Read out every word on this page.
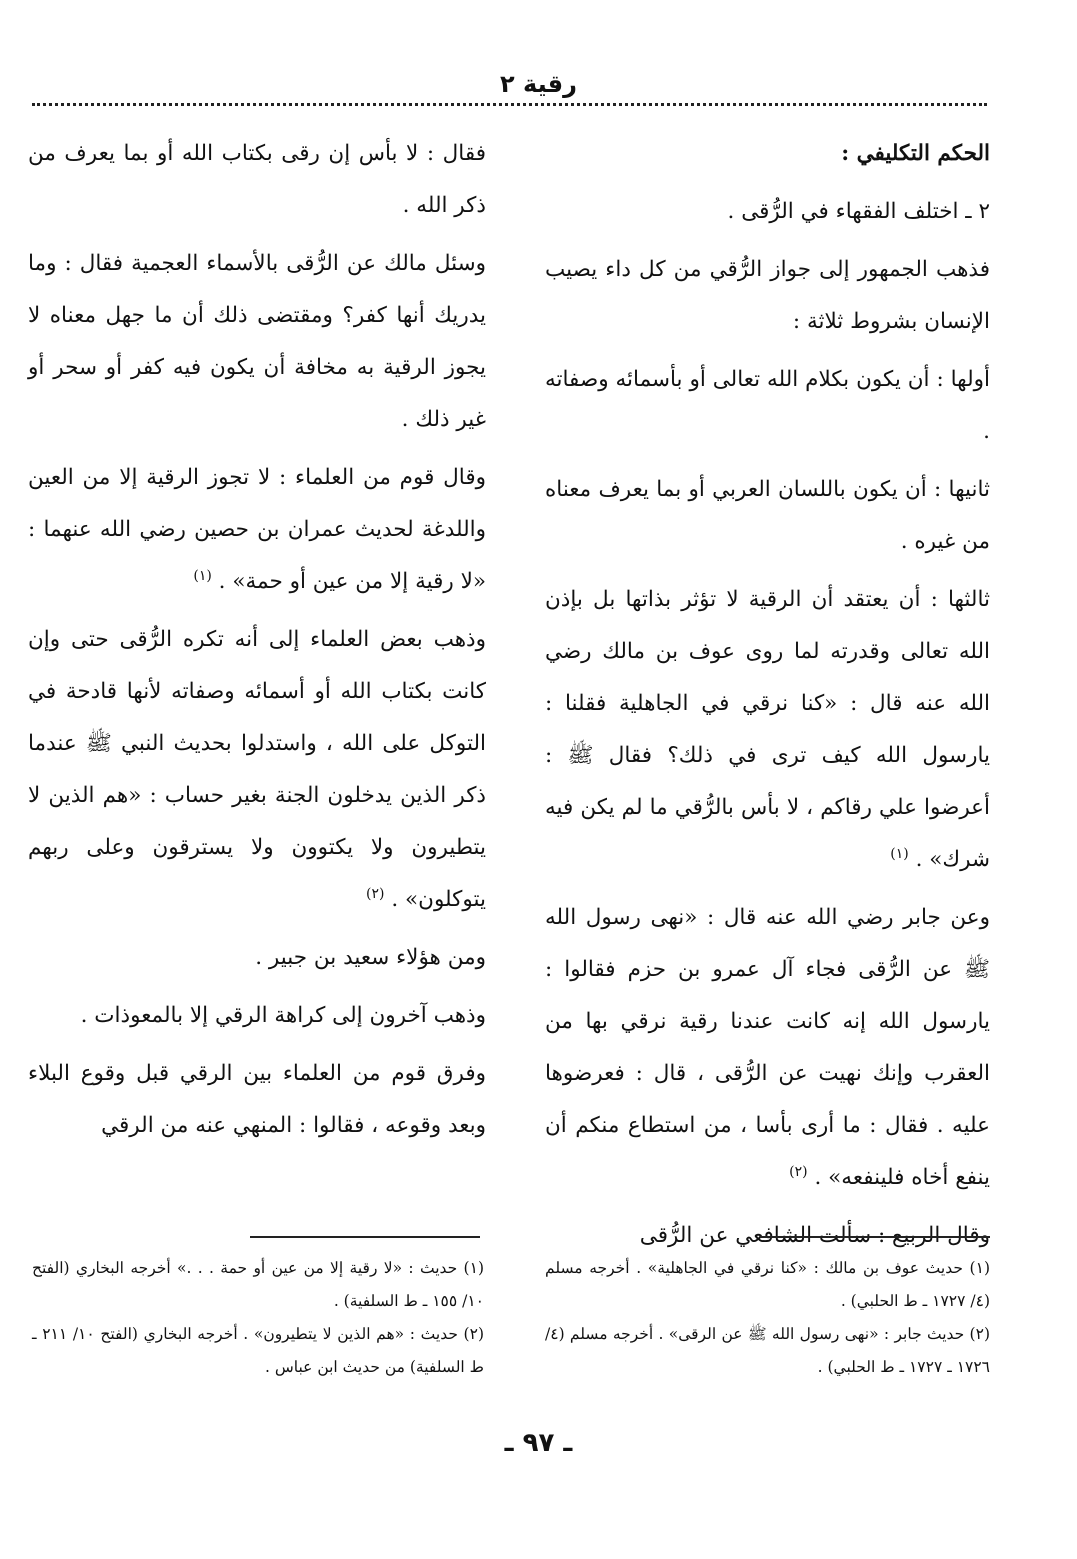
رقية ٢

الحكم التكليفي :

٢ ـ اختلف الفقهاء في الرُّقى .

فذهب الجمهور إلى جواز الرُّقي من كل داء يصيب الإنسان بشروط ثلاثة :

أولها : أن يكون بكلام الله تعالى أو بأسمائه وصفاته .

ثانيها : أن يكون باللسان العربي أو بما يعرف معناه من غيره .

ثالثها : أن يعتقد أن الرقية لا تؤثر بذاتها بل بإذن الله تعالى وقدرته لما روى عوف بن مالك رضي الله عنه قال : «كنا نرقي في الجاهلية فقلنا : يارسول الله كيف ترى في ذلك؟ فقال ﷺ : أعرضوا علي رقاكم ، لا بأس بالرُّقي ما لم يكن فيه شرك» . $^{(١)}$

وعن جابر رضي الله عنه قال : «نهى رسول الله ﷺ عن الرُّقى فجاء آل عمرو بن حزم فقالوا : يارسول الله إنه كانت عندنا رقية نرقي بها من العقرب وإنك نهيت عن الرُّقى ، قال : فعرضوها عليه . فقال : ما أرى بأسا ، من استطاع منكم أن ينفع أخاه فلينفعه» . $^{(٢)}$

وقال الربيع : سألت الشافعي عن الرُّقى

فقال : لا بأس إن رقى بكتاب الله أو بما يعرف من ذكر الله .

وسئل مالك عن الرُّقى بالأسماء العجمية فقال : وما يدريك أنها كفر؟ ومقتضى ذلك أن ما جهل معناه لا يجوز الرقية به مخافة أن يكون فيه كفر أو سحر أو غير ذلك .

وقال قوم من العلماء : لا تجوز الرقية إلا من العين واللدغة لحديث عمران بن حصين رضي الله عنهما : «لا رقية إلا من عين أو حمة» . $^{(١)}$

وذهب بعض العلماء إلى أنه تكره الرُّقى حتى وإن كانت بكتاب الله أو أسمائه وصفاته لأنها قادحة في التوكل على الله ، واستدلوا بحديث النبي ﷺ عندما ذكر الذين يدخلون الجنة بغير حساب : «هم الذين لا يتطيرون ولا يكتوون ولا يسترقون وعلى ربهم يتوكلون» . $^{(٢)}$

ومن هؤلاء سعيد بن جبير .

وذهب آخرون إلى كراهة الرقي إلا بالمعوذات .

وفرق قوم من العلماء بين الرقي قبل وقوع البلاء وبعد وقوعه ، فقالوا : المنهي عنه من الرقي

(١) حديث عوف بن مالك : «كنا نرقي في الجاهلية» . أخرجه مسلم (٤/ ١٧٢٧ ـ ط الحلبي) .

(٢) حديث جابر : «نهى رسول الله ﷺ عن الرقى» . أخرجه مسلم (٤/ ١٧٢٦ ـ ١٧٢٧ ـ ط الحلبي) .

(١) حديث : «لا رقية إلا من عين أو حمة . . .» أخرجه البخاري (الفتح ١٠/ ١٥٥ ـ ط السلفية) .

(٢) حديث : «هم الذين لا يتطيرون» . أخرجه البخاري (الفتح ١٠/ ٢١١ ـ ط السلفية) من حديث ابن عباس .

ـ ٩٧ ـ
